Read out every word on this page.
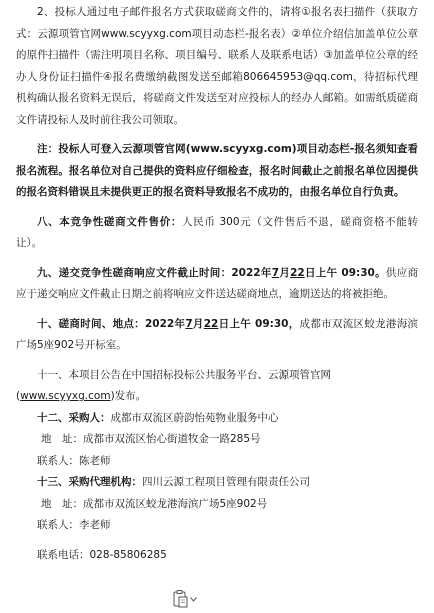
2、投标人通过电子邮件报名方式获取磋商文件的，请将①报名表扫描件（获取方式：云源项管官网www.scyyxg.com项目动态栏-报名表）②单位介绍信加盖单位公章的原件扫描件（需注明项目名称、项目编号、联系人及联系电话）③加盖单位公章的经办人身份证扫描件④报名费缴纳截图发送至邮箱806645953@qq.com，待招标代理机构确认报名资料无误后，将磋商文件发送至对应投标人的经办人邮箱。如需纸质磋商文件请投标人及时前往我公司领取。

注：投标人可登入云源项管官网(www.scyyxg.com)项目动态栏-报名须知查看报名流程。报名单位对自己提供的资料应仔细检查，报名时间截止之前报名单位因提供的报名资料错误且未提供更正的报名资料导致报名不成功的，由报名单位自行负责。

八、本竞争性磋商文件售价：人民币 300元（文件售后不退，磋商资格不能转让）。

九、递交竞争性磋商响应文件截止时间：2022年7月22日上午 09:30。供应商应于递交响应文件截止日期之前将响应文件送达磋商地点，逾期送达的将被拒绝。

十、磋商时间、地点：2022年7月22日上午 09:30，成都市双流区蛟龙港海滨广场5座902号开标室。

十一、本项目公告在中国招标投标公共服务平台、云源项管官网
(www.scyyxg.com)发布。

十二、采购人：成都市双流区蔚韵怡苑物业服务中心

地　址：成都市双流区怡心街道牧金一路285号

联系人：陈老师

十三、采购代理机构：四川云源工程项目管理有限责任公司

地　址：成都市双流区蛟龙港海滨广场5座902号

联系人：李老师

联系电话：028-85806285
